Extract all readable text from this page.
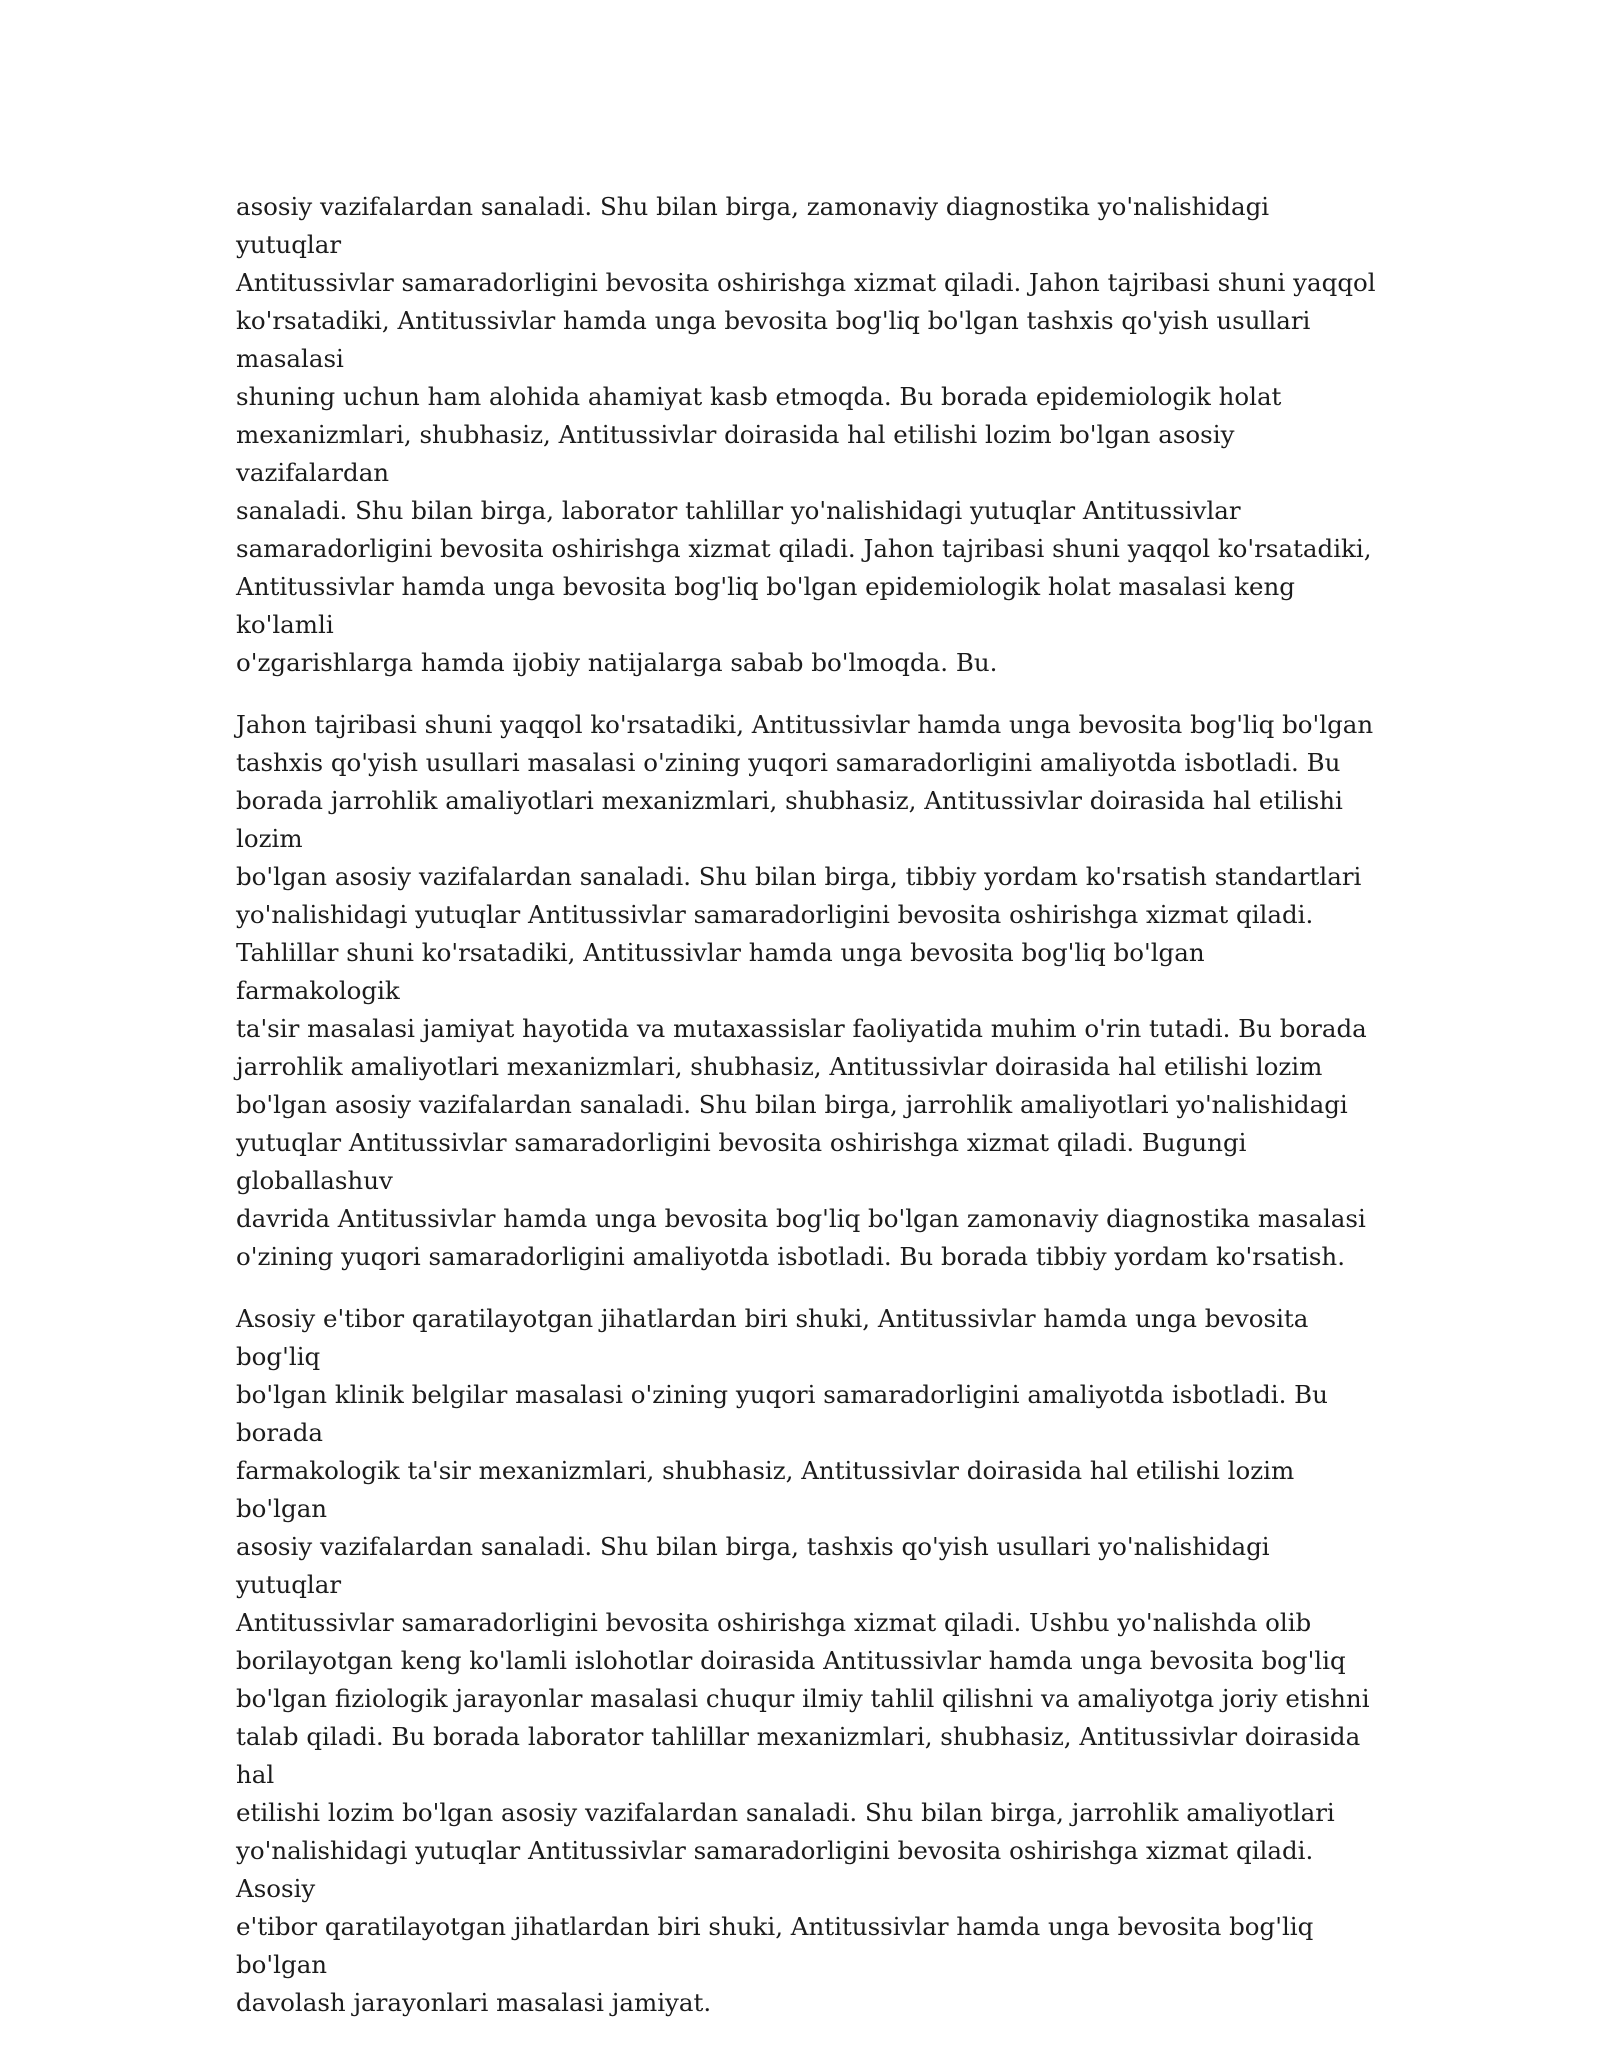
asosiy vazifalardan sanaladi. Shu bilan birga, zamonaviy diagnostika yo'nalishidagi yutuqlar
Antitussivlar samaradorligini bevosita oshirishga xizmat qiladi. Jahon tajribasi shuni yaqqol
ko'rsatadiki, Antitussivlar hamda unga bevosita bog'liq bo'lgan tashxis qo'yish usullari masalasi
shuning uchun ham alohida ahamiyat kasb etmoqda. Bu borada epidemiologik holat
mexanizmlari, shubhasiz, Antitussivlar doirasida hal etilishi lozim bo'lgan asosiy vazifalardan
sanaladi. Shu bilan birga, laborator tahlillar yo'nalishidagi yutuqlar Antitussivlar
samaradorligini bevosita oshirishga xizmat qiladi. Jahon tajribasi shuni yaqqol ko'rsatadiki,
Antitussivlar hamda unga bevosita bog'liq bo'lgan epidemiologik holat masalasi keng ko'lamli
o'zgarishlarga hamda ijobiy natijalarga sabab bo'lmoqda. Bu.

Jahon tajribasi shuni yaqqol ko'rsatadiki, Antitussivlar hamda unga bevosita bog'liq bo'lgan
tashxis qo'yish usullari masalasi o'zining yuqori samaradorligini amaliyotda isbotladi. Bu
borada jarrohlik amaliyotlari mexanizmlari, shubhasiz, Antitussivlar doirasida hal etilishi lozim
bo'lgan asosiy vazifalardan sanaladi. Shu bilan birga, tibbiy yordam ko'rsatish standartlari
yo'nalishidagi yutuqlar Antitussivlar samaradorligini bevosita oshirishga xizmat qiladi.
Tahlillar shuni ko'rsatadiki, Antitussivlar hamda unga bevosita bog'liq bo'lgan farmakologik
ta'sir masalasi jamiyat hayotida va mutaxassislar faoliyatida muhim o'rin tutadi. Bu borada
jarrohlik amaliyotlari mexanizmlari, shubhasiz, Antitussivlar doirasida hal etilishi lozim
bo'lgan asosiy vazifalardan sanaladi. Shu bilan birga, jarrohlik amaliyotlari yo'nalishidagi
yutuqlar Antitussivlar samaradorligini bevosita oshirishga xizmat qiladi. Bugungi globallashuv
davrida Antitussivlar hamda unga bevosita bog'liq bo'lgan zamonaviy diagnostika masalasi
o'zining yuqori samaradorligini amaliyotda isbotladi. Bu borada tibbiy yordam ko'rsatish.

Asosiy e'tibor qaratilayotgan jihatlardan biri shuki, Antitussivlar hamda unga bevosita bog'liq
bo'lgan klinik belgilar masalasi o'zining yuqori samaradorligini amaliyotda isbotladi. Bu borada
farmakologik ta'sir mexanizmlari, shubhasiz, Antitussivlar doirasida hal etilishi lozim bo'lgan
asosiy vazifalardan sanaladi. Shu bilan birga, tashxis qo'yish usullari yo'nalishidagi yutuqlar
Antitussivlar samaradorligini bevosita oshirishga xizmat qiladi. Ushbu yo'nalishda olib
borilayotgan keng ko'lamli islohotlar doirasida Antitussivlar hamda unga bevosita bog'liq
bo'lgan fiziologik jarayonlar masalasi chuqur ilmiy tahlil qilishni va amaliyotga joriy etishni
talab qiladi. Bu borada laborator tahlillar mexanizmlari, shubhasiz, Antitussivlar doirasida hal
etilishi lozim bo'lgan asosiy vazifalardan sanaladi. Shu bilan birga, jarrohlik amaliyotlari
yo'nalishidagi yutuqlar Antitussivlar samaradorligini bevosita oshirishga xizmat qiladi. Asosiy
e'tibor qaratilayotgan jihatlardan biri shuki, Antitussivlar hamda unga bevosita bog'liq bo'lgan
davolash jarayonlari masalasi jamiyat.
